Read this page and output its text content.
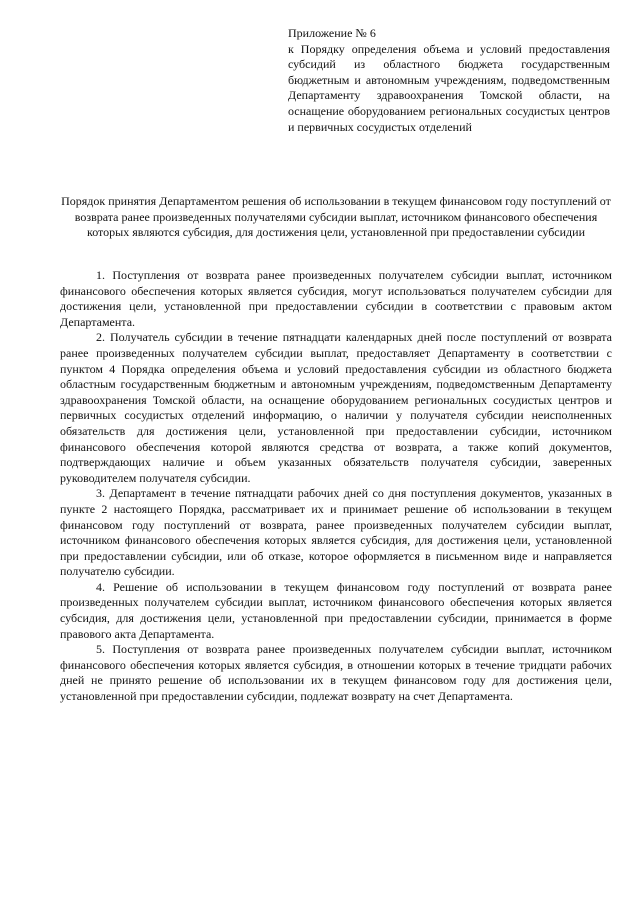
Приложение № 6

к Порядку определения объема и условий предоставления субсидий из областного бюджета государственным бюджетным и автономным учреждениям, подведомственным Департаменту здравоохранения Томской области, на оснащение оборудованием региональных сосудистых центров и первичных сосудистых отделений

Порядок принятия Департаментом решения об использовании в текущем финансовом году поступлений от возврата ранее произведенных получателями субсидии выплат, источником финансового обеспечения которых являются субсидия, для достижения цели, установленной при предоставлении субсидии

1. Поступления от возврата ранее произведенных получателем субсидии выплат, источником финансового обеспечения которых является субсидия, могут использоваться получателем субсидии для достижения цели, установленной при предоставлении субсидии в соответствии с правовым актом Департамента.

2. Получатель субсидии в течение пятнадцати календарных дней после поступлений от возврата ранее произведенных получателем субсидии выплат, предоставляет Департаменту в соответствии с пунктом 4 Порядка определения объема и условий предоставления субсидии из областного бюджета областным государственным бюджетным и автономным учреждениям, подведомственным Департаменту здравоохранения Томской области, на оснащение оборудованием региональных сосудистых центров и первичных сосудистых отделений информацию, о наличии у получателя субсидии неисполненных обязательств для достижения цели, установленной при предоставлении субсидии, источником финансового обеспечения которой являются средства от возврата, а также копий документов, подтверждающих наличие и объем указанных обязательств получателя субсидии, заверенных руководителем получателя субсидии.

3. Департамент в течение пятнадцати рабочих дней со дня поступления документов, указанных в пункте 2 настоящего Порядка, рассматривает их и принимает решение об использовании в текущем финансовом году поступлений от возврата, ранее произведенных получателем субсидии выплат, источником финансового обеспечения которых является субсидия, для достижения цели, установленной при предоставлении субсидии, или об отказе, которое оформляется в письменном виде и направляется получателю субсидии.

4. Решение об использовании в текущем финансовом году поступлений от возврата ранее произведенных получателем субсидии выплат, источником финансового обеспечения которых является субсидия, для достижения цели, установленной при предоставлении субсидии, принимается в форме правового акта Департамента.

5. Поступления от возврата ранее произведенных получателем субсидии выплат, источником финансового обеспечения которых является субсидия, в отношении которых в течение тридцати рабочих дней не принято решение об использовании их в текущем финансовом году для достижения цели, установленной при предоставлении субсидии, подлежат возврату на счет Департамента.
